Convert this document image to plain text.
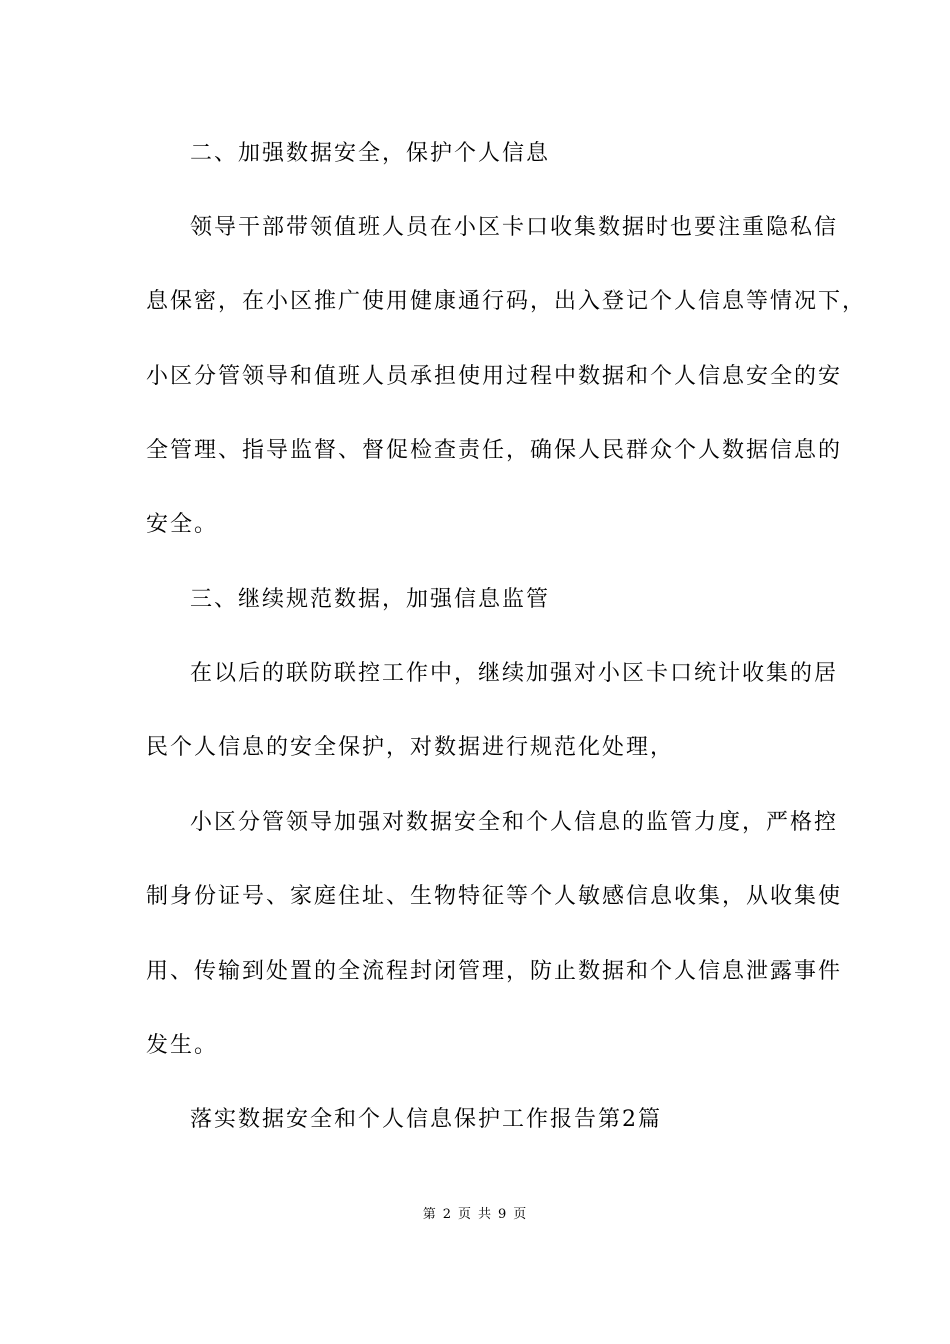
二、加强数据安全，保护个人信息
领导干部带领值班人员在小区卡口收集数据时也要注重隐私信
息保密，在小区推广使用健康通行码，出入登记个人信息等情况下，
小区分管领导和值班人员承担使用过程中数据和个人信息安全的安
全管理、指导监督、督促检查责任，确保人民群众个人数据信息的
安全。
三、继续规范数据，加强信息监管
在以后的联防联控工作中，继续加强对小区卡口统计收集的居
民个人信息的安全保护，对数据进行规范化处理，
小区分管领导加强对数据安全和个人信息的监管力度，严格控
制身份证号、家庭住址、生物特征等个人敏感信息收集，从收集使
用、传输到处置的全流程封闭管理，防止数据和个人信息泄露事件
发生。
落实数据安全和个人信息保护工作报告第2篇
第 2 页 共 9 页
